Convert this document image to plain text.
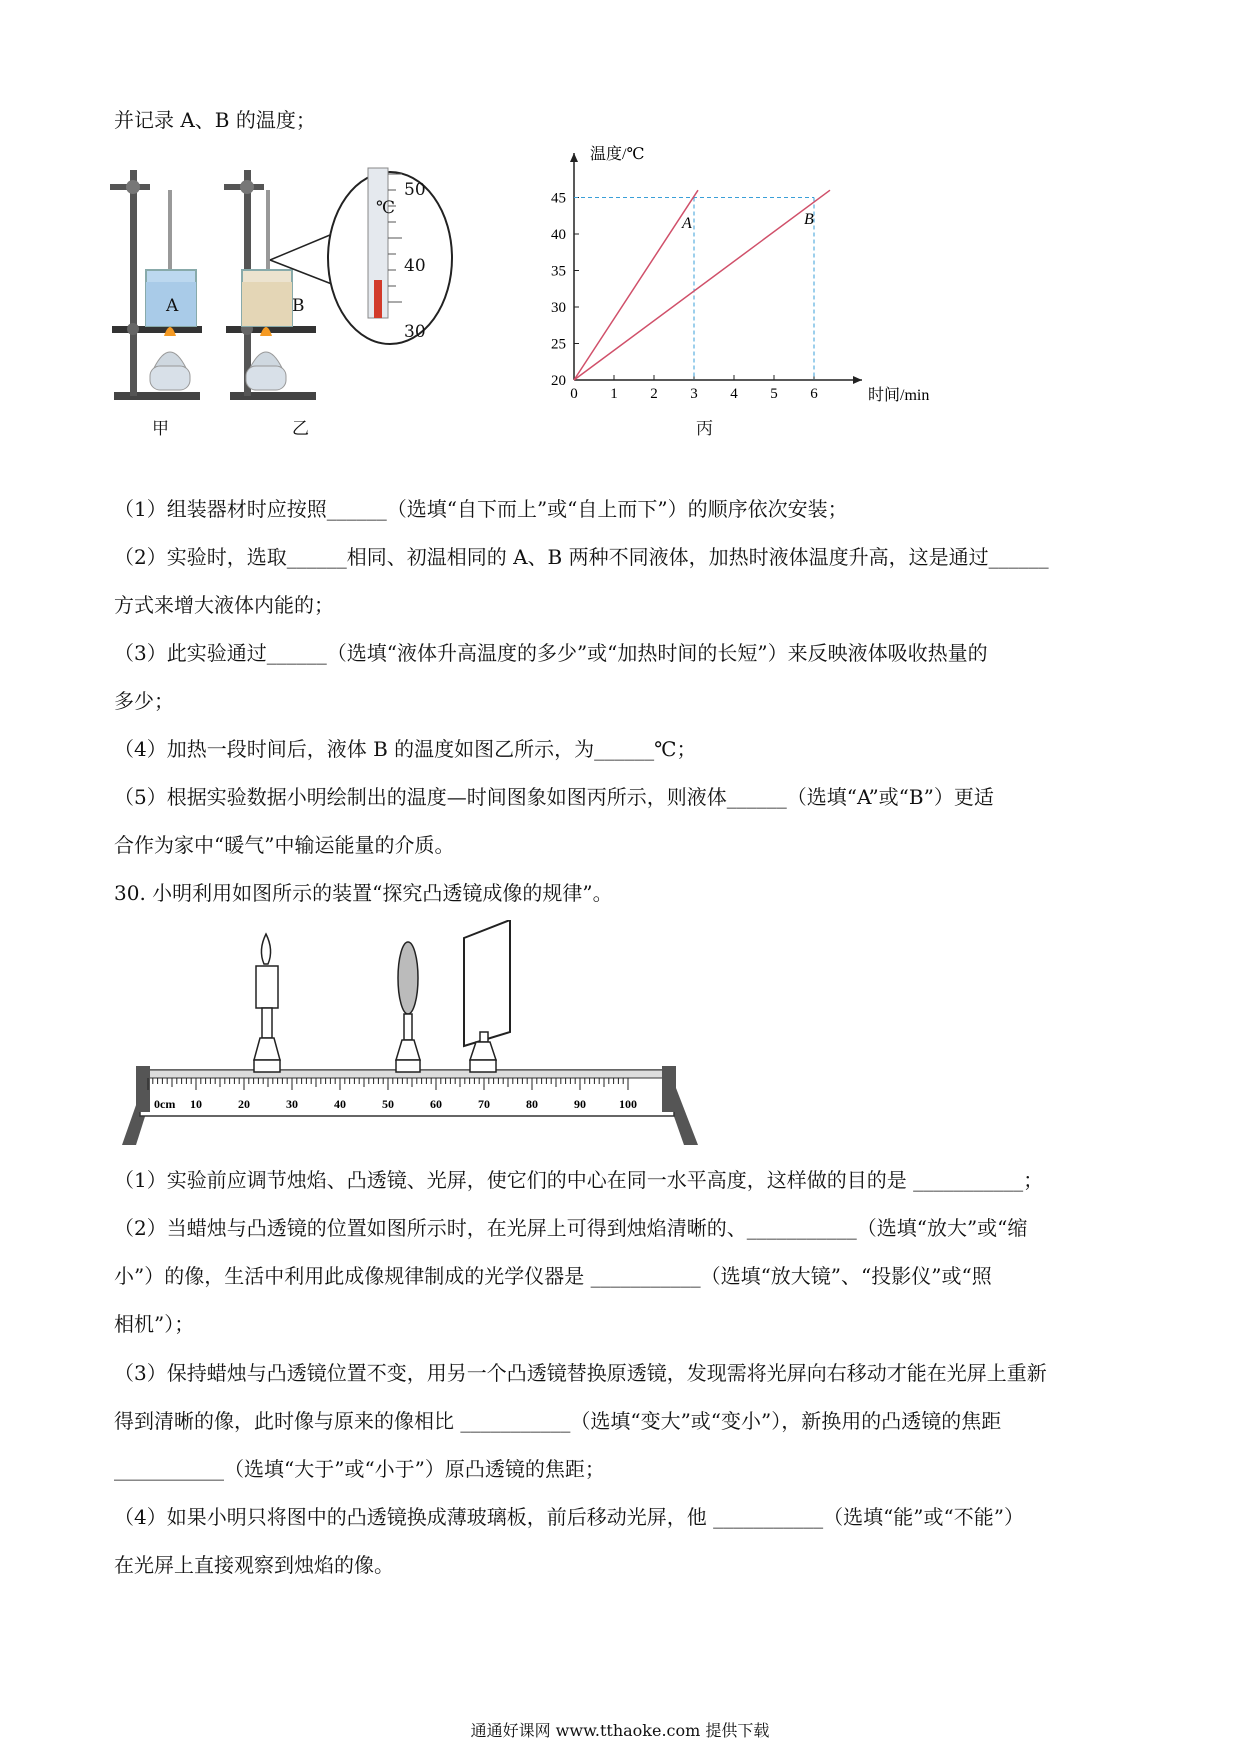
并记录 A、B 的温度；
A	B
℃
50
40
30
甲	乙
0 1 2 3 4 5 6
20
25
30
35
40
45
A	B
温度/℃
时间/min
丙
（1）组装器材时应按照______（选填“自下而上”或“自上而下”）的顺序依次安装；
（2）实验时，选取______相同、初温相同的 A、B 两种不同液体，加热时液体温度升高，这是通过______
方式来增大液体内能的；
（3）此实验通过______（选填“液体升高温度的多少”或“加热时间的长短”）来反映液体吸收热量的
多少；
（4）加热一段时间后，液体 B 的温度如图乙所示，为______℃；
（5）根据实验数据小明绘制出的温度—时间图象如图丙所示，则液体______（选填“A”或“B”）更适
合作为家中“暖气”中输运能量的介质。
30. 小明利用如图所示的装置“探究凸透镜成像的规律”。
0cm 10	20	30	40	50	60	70	80	90	100
（1）实验前应调节烛焰、凸透镜、光屏，使它们的中心在同一水平高度，这样做的目的是 ___________；
（2）当蜡烛与凸透镜的位置如图所示时，在光屏上可得到烛焰清晰的、___________（选填“放大”或“缩
小”）的像，生活中利用此成像规律制成的光学仪器是 ___________（选填“放大镜”、“投影仪”或“照
相机”）；
（3）保持蜡烛与凸透镜位置不变，用另一个凸透镜替换原透镜，发现需将光屏向右移动才能在光屏上重新
得到清晰的像，此时像与原来的像相比 ___________（选填“变大”或“变小”），新换用的凸透镜的焦距
___________（选填“大于”或“小于”）原凸透镜的焦距；
（4）如果小明只将图中的凸透镜换成薄玻璃板，前后移动光屏，他 ___________（选填“能”或“不能”）
在光屏上直接观察到烛焰的像。
通通好课网 www.tthaoke.com 提供下载
